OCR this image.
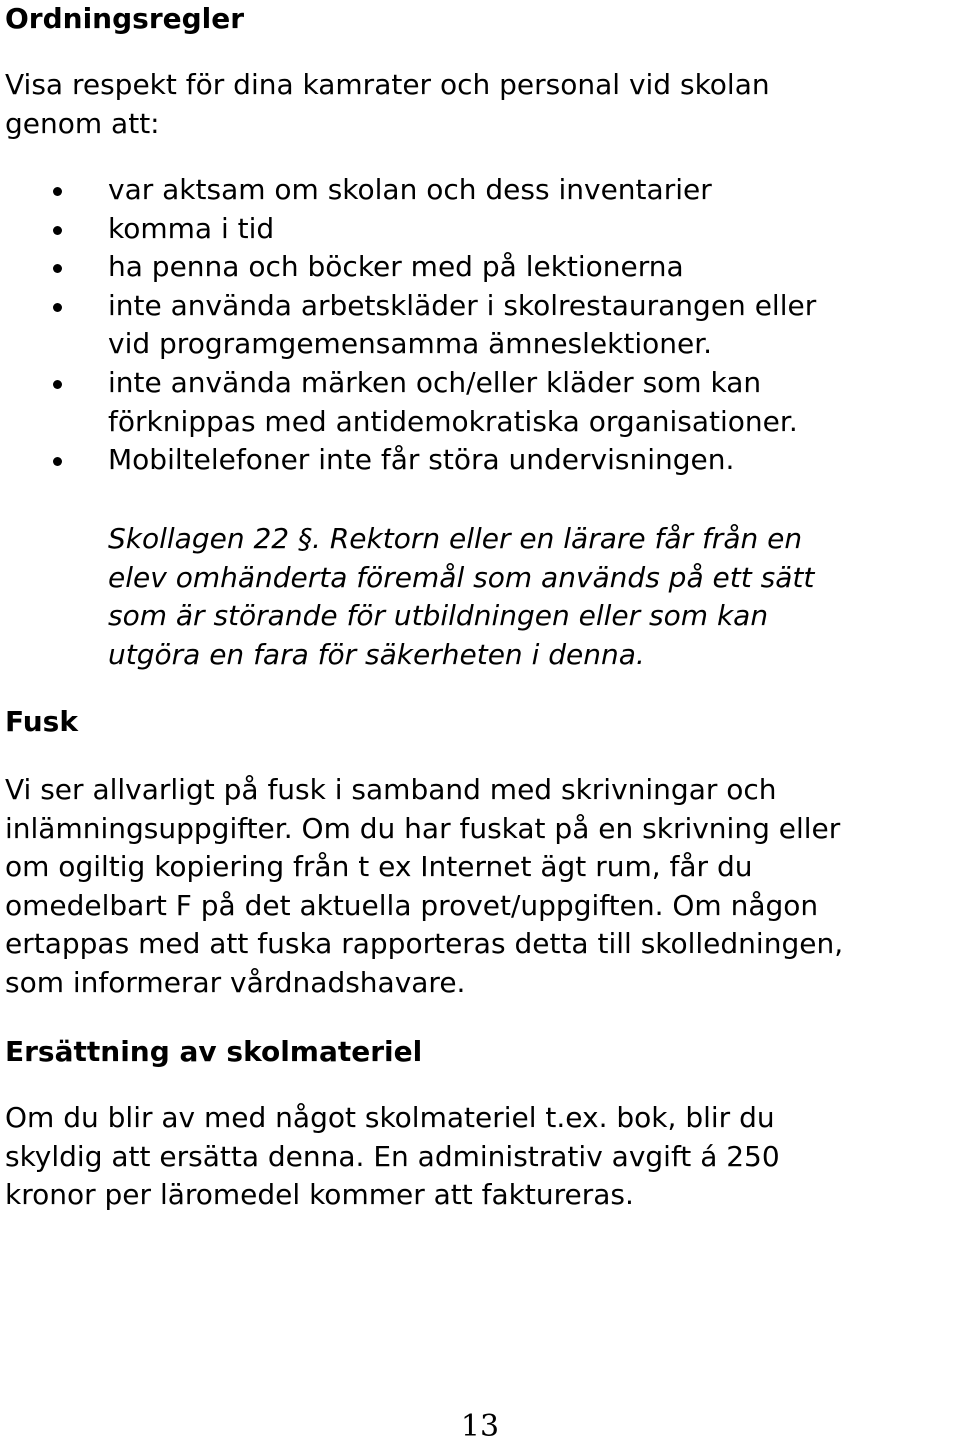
Ordningsregler

Visa respekt för dina kamrater och personal vid skolan
genom att:

var aktsam om skolan och dess inventarier
komma i tid
ha penna och böcker med på lektionerna
inte använda arbetskläder i skolrestaurangen eller
vid programgemensamma ämneslektioner.
inte använda märken och/eller kläder som kan
förknippas med antidemokratiska organisationer.
Mobiltelefoner inte får störa undervisningen.

Skollagen 22 §. Rektorn eller en lärare får från en
elev omhänderta föremål som används på ett sätt
som är störande för utbildningen eller som kan
utgöra en fara för säkerheten i denna.

Fusk

Vi ser allvarligt på fusk i samband med skrivningar och
inlämningsuppgifter. Om du har fuskat på en skrivning eller
om ogiltig kopiering från t ex Internet ägt rum, får du
omedelbart F på det aktuella provet/uppgiften. Om någon
ertappas med att fuska rapporteras detta till skolledningen,
som informerar vårdnadshavare.

Ersättning av skolmateriel

Om du blir av med något skolmateriel t.ex. bok, blir du
skyldig att ersätta denna. En administrativ avgift á 250
kronor per läromedel kommer att faktureras.

13
